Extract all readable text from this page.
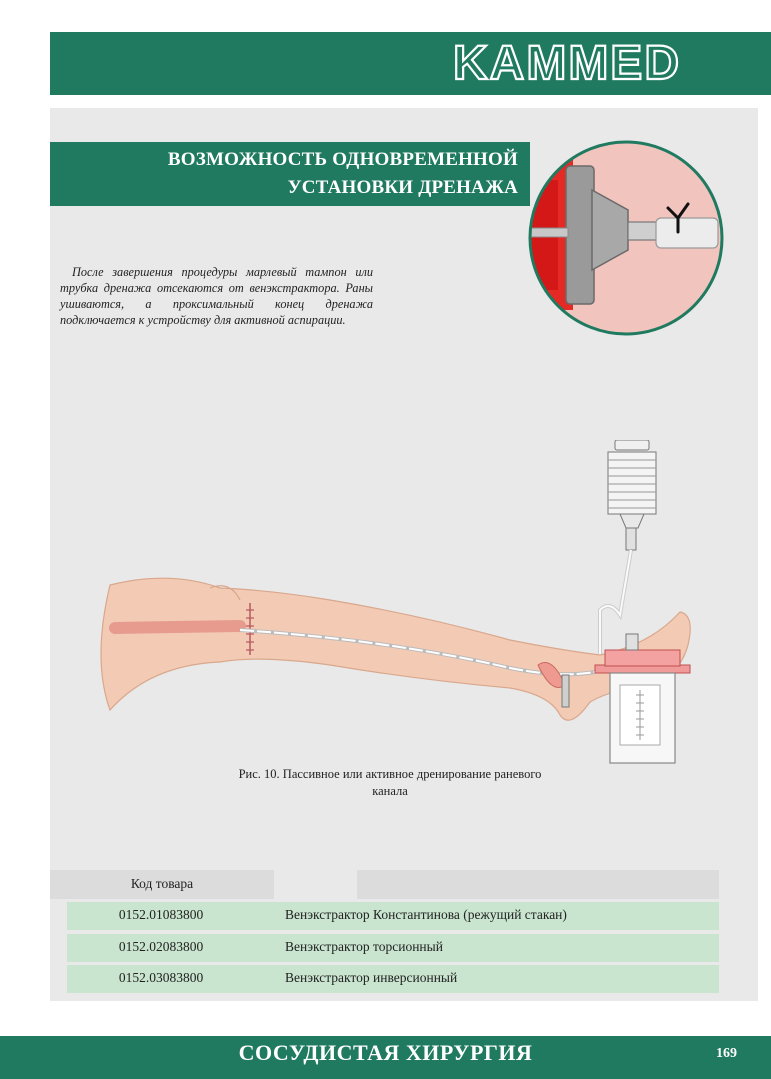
KAMMED
ВОЗМОЖНОСТЬ ОДНОВРЕМЕННОЙ
УСТАНОВКИ ДРЕНАЖА
После завершения процедуры марлевый тампон или трубка дренажа отсекаются от венэкстрактора. Раны ушиваются, а проксимальный конец дренажа подключается к устройству для активной аспирации.
Рис. 10. Пассивное или активное дренирование раневого
канала
Код товара
0152.01083800	Венэкстрактор Константинова (режущий стакан)
0152.02083800	Венэкстрактор торсионный
0152.03083800	Венэкстрактор инверсионный
СОСУДИСТАЯ ХИРУРГИЯ	169
